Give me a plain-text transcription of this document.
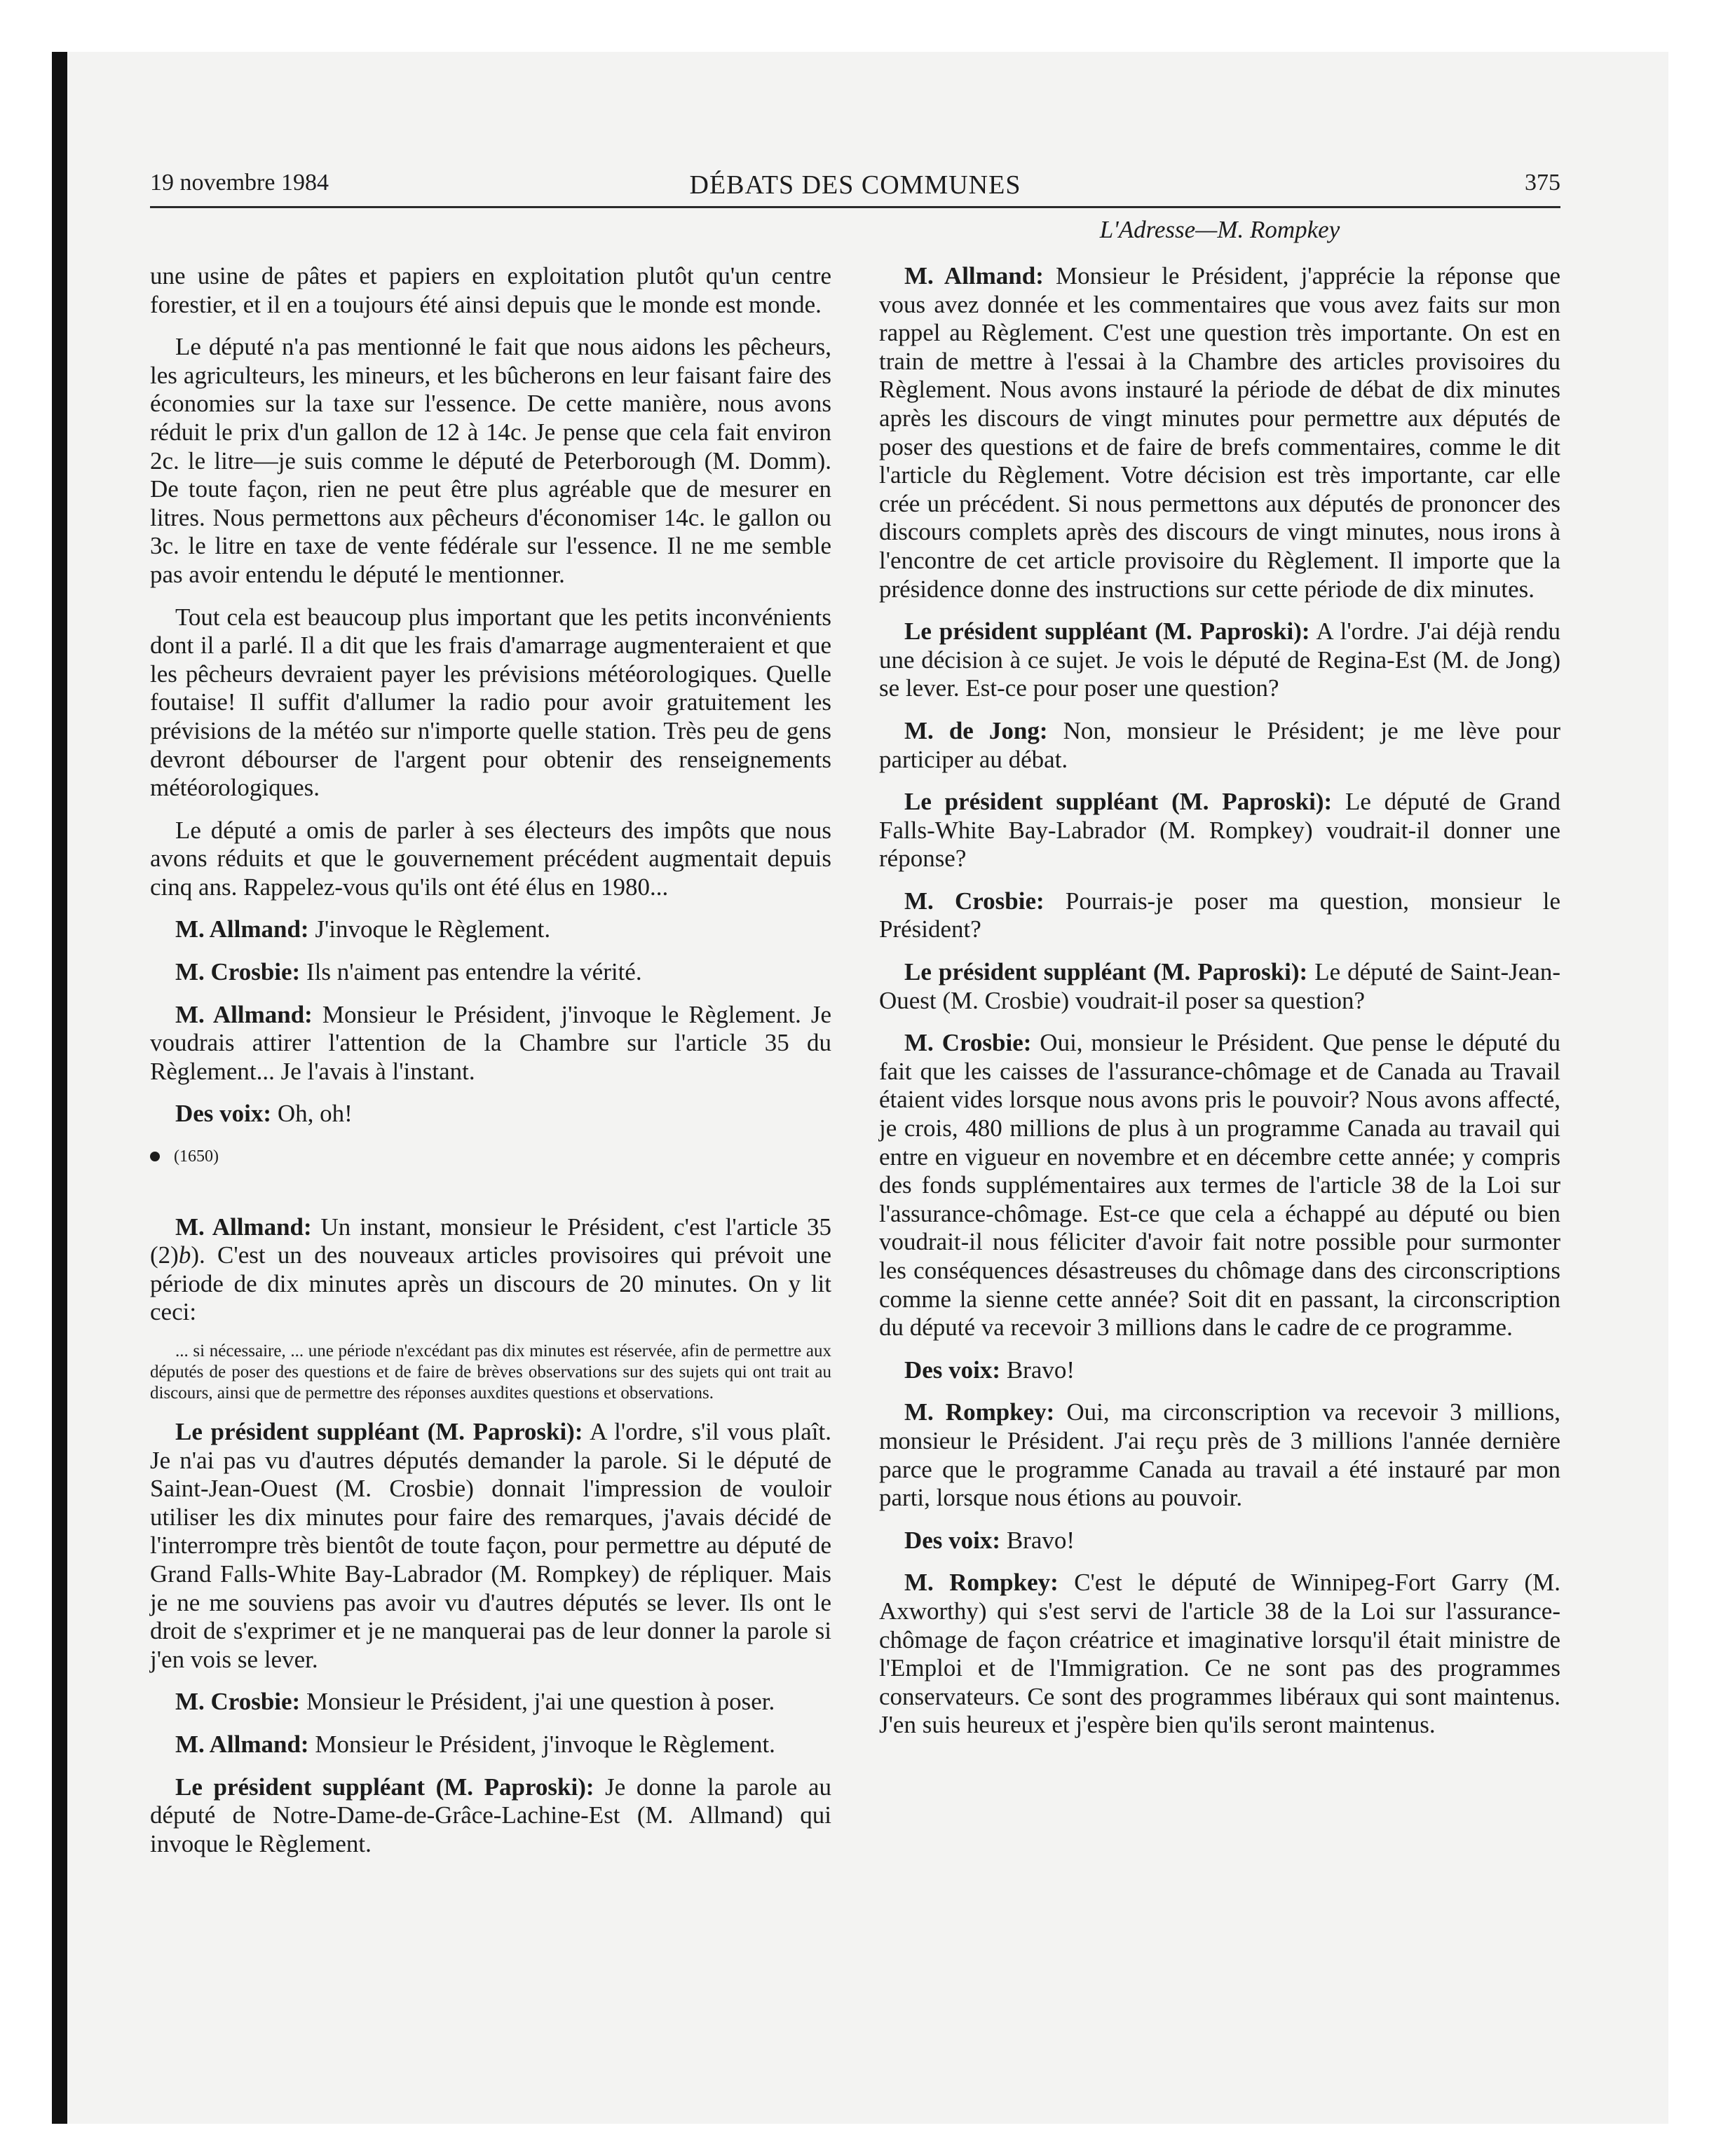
19 novembre 1984	DÉBATS DES COMMUNES	375
L'Adresse—M. Rompkey

une usine de pâtes et papiers en exploitation plutôt qu'un centre forestier, et il en a toujours été ainsi depuis que le monde est monde.

Le député n'a pas mentionné le fait que nous aidons les pêcheurs, les agriculteurs, les mineurs, et les bûcherons en leur faisant faire des économies sur la taxe sur l'essence. De cette manière, nous avons réduit le prix d'un gallon de 12 à 14c. Je pense que cela fait environ 2c. le litre—je suis comme le député de Peterborough (M. Domm). De toute façon, rien ne peut être plus agréable que de mesurer en litres. Nous permettons aux pêcheurs d'économiser 14c. le gallon ou 3c. le litre en taxe de vente fédérale sur l'essence. Il ne me semble pas avoir entendu le député le mentionner.

Tout cela est beaucoup plus important que les petits inconvénients dont il a parlé. Il a dit que les frais d'amarrage augmenteraient et que les pêcheurs devraient payer les prévisions météorologiques. Quelle foutaise! Il suffit d'allumer la radio pour avoir gratuitement les prévisions de la météo sur n'importe quelle station. Très peu de gens devront débourser de l'argent pour obtenir des renseignements météorologiques.

Le député a omis de parler à ses électeurs des impôts que nous avons réduits et que le gouvernement précédent augmentait depuis cinq ans. Rappelez-vous qu'ils ont été élus en 1980...

M. Allmand: J'invoque le Règlement.

M. Crosbie: Ils n'aiment pas entendre la vérité.

M. Allmand: Monsieur le Président, j'invoque le Règlement. Je voudrais attirer l'attention de la Chambre sur l'article 35 du Règlement... Je l'avais à l'instant.

Des voix: Oh, oh!

(1650)

M. Allmand: Un instant, monsieur le Président, c'est l'article 35 (2)b). C'est un des nouveaux articles provisoires qui prévoit une période de dix minutes après un discours de 20 minutes. On y lit ceci:

... si nécessaire, ... une période n'excédant pas dix minutes est réservée, afin de permettre aux députés de poser des questions et de faire de brèves observations sur des sujets qui ont trait au discours, ainsi que de permettre des réponses auxdites questions et observations.

Le président suppléant (M. Paproski): A l'ordre, s'il vous plaît. Je n'ai pas vu d'autres députés demander la parole. Si le député de Saint-Jean-Ouest (M. Crosbie) donnait l'impression de vouloir utiliser les dix minutes pour faire des remarques, j'avais décidé de l'interrompre très bientôt de toute façon, pour permettre au député de Grand Falls-White Bay-Labrador (M. Rompkey) de répliquer. Mais je ne me souviens pas avoir vu d'autres députés se lever. Ils ont le droit de s'exprimer et je ne manquerai pas de leur donner la parole si j'en vois se lever.

M. Crosbie: Monsieur le Président, j'ai une question à poser.

M. Allmand: Monsieur le Président, j'invoque le Règlement.

Le président suppléant (M. Paproski): Je donne la parole au député de Notre-Dame-de-Grâce-Lachine-Est (M. Allmand) qui invoque le Règlement.

M. Allmand: Monsieur le Président, j'apprécie la réponse que vous avez donnée et les commentaires que vous avez faits sur mon rappel au Règlement. C'est une question très importante. On est en train de mettre à l'essai à la Chambre des articles provisoires du Règlement. Nous avons instauré la période de débat de dix minutes après les discours de vingt minutes pour permettre aux députés de poser des questions et de faire de brefs commentaires, comme le dit l'article du Règlement. Votre décision est très importante, car elle crée un précédent. Si nous permettons aux députés de prononcer des discours complets après des discours de vingt minutes, nous irons à l'encontre de cet article provisoire du Règlement. Il importe que la présidence donne des instructions sur cette période de dix minutes.

Le président suppléant (M. Paproski): A l'ordre. J'ai déjà rendu une décision à ce sujet. Je vois le député de Regina-Est (M. de Jong) se lever. Est-ce pour poser une question?

M. de Jong: Non, monsieur le Président; je me lève pour participer au débat.

Le président suppléant (M. Paproski): Le député de Grand Falls-White Bay-Labrador (M. Rompkey) voudrait-il donner une réponse?

M. Crosbie: Pourrais-je poser ma question, monsieur le Président?

Le président suppléant (M. Paproski): Le député de Saint-Jean-Ouest (M. Crosbie) voudrait-il poser sa question?

M. Crosbie: Oui, monsieur le Président. Que pense le député du fait que les caisses de l'assurance-chômage et de Canada au Travail étaient vides lorsque nous avons pris le pouvoir? Nous avons affecté, je crois, 480 millions de plus à un programme Canada au travail qui entre en vigueur en novembre et en décembre cette année; y compris des fonds supplémentaires aux termes de l'article 38 de la Loi sur l'assurance-chômage. Est-ce que cela a échappé au député ou bien voudrait-il nous féliciter d'avoir fait notre possible pour surmonter les conséquences désastreuses du chômage dans des circonscriptions comme la sienne cette année? Soit dit en passant, la circonscription du député va recevoir 3 millions dans le cadre de ce programme.

Des voix: Bravo!

M. Rompkey: Oui, ma circonscription va recevoir 3 millions, monsieur le Président. J'ai reçu près de 3 millions l'année dernière parce que le programme Canada au travail a été instauré par mon parti, lorsque nous étions au pouvoir.

Des voix: Bravo!

M. Rompkey: C'est le député de Winnipeg-Fort Garry (M. Axworthy) qui s'est servi de l'article 38 de la Loi sur l'assurance-chômage de façon créatrice et imaginative lorsqu'il était ministre de l'Emploi et de l'Immigration. Ce ne sont pas des programmes conservateurs. Ce sont des programmes libéraux qui sont maintenus. J'en suis heureux et j'espère bien qu'ils seront maintenus.
